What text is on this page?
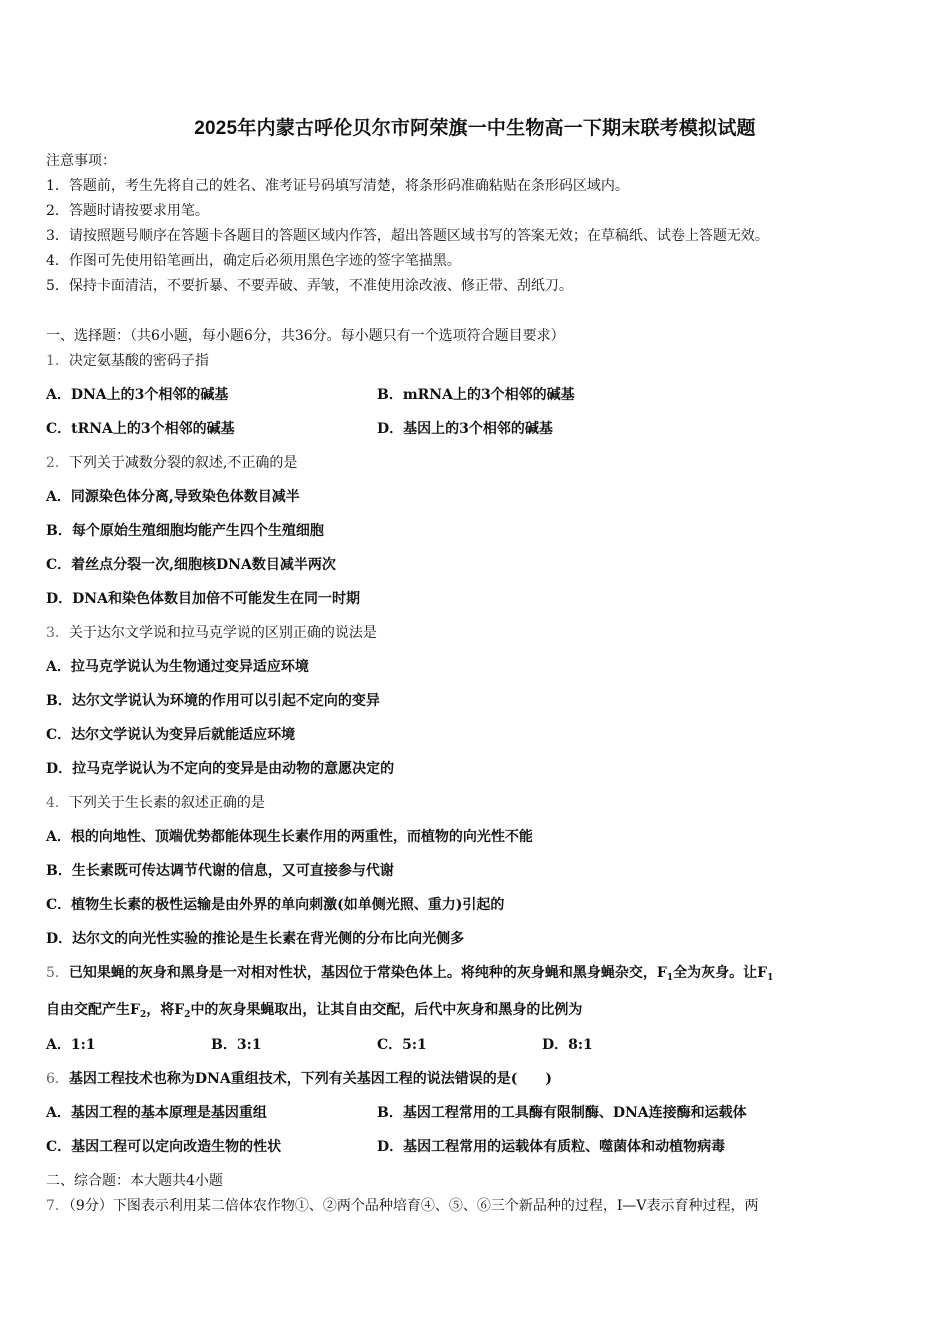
2025年内蒙古呼伦贝尔市阿荣旗一中生物高一下期末联考模拟试题
注意事项：
1．答题前，考生先将自己的姓名、准考证号码填写清楚，将条形码准确粘贴在条形码区域内。
2．答题时请按要求用笔。
3．请按照题号顺序在答题卡各题目的答题区域内作答，超出答题区域书写的答案无效；在草稿纸、试卷上答题无效。
4．作图可先使用铅笔画出，确定后必须用黑色字迹的签字笔描黑。
5．保持卡面清洁，不要折暴、不要弄破、弄皱，不准使用涂改液、修正带、刮纸刀。
一、选择题：（共6小题，每小题6分，共36分。每小题只有一个选项符合题目要求）
1．决定氨基酸的密码子指
A．DNA上的3个相邻的碱基	B．mRNA上的3个相邻的碱基
C．tRNA上的3个相邻的碱基	D．基因上的3个相邻的碱基
2．下列关于减数分裂的叙述,不正确的是
A．同源染色体分离,导致染色体数目减半
B．每个原始生殖细胞均能产生四个生殖细胞
C．着丝点分裂一次,细胞核DNA数目减半两次
D．DNA和染色体数目加倍不可能发生在同一时期
3．关于达尔文学说和拉马克学说的区别正确的说法是
A．拉马克学说认为生物通过变异适应环境
B．达尔文学说认为环境的作用可以引起不定向的变异
C．达尔文学说认为变异后就能适应环境
D．拉马克学说认为不定向的变异是由动物的意愿决定的
4．下列关于生长素的叙述正确的是
A．根的向地性、顶端优势都能体现生长素作用的两重性，而植物的向光性不能
B．生长素既可传达调节代谢的信息，又可直接参与代谢
C．植物生长素的极性运输是由外界的单向刺激(如单侧光照、重力)引起的
D．达尔文的向光性实验的推论是生长素在背光侧的分布比向光侧多
5．已知果蝇的灰身和黑身是一对相对性状，基因位于常染色体上。将纯种的灰身蝇和黑身蝇杂交，$F_1$全为灰身。让$F_1$
自由交配产生$F_2$，将$F_2$中的灰身果蝇取出，让其自由交配，后代中灰身和黑身的比例为
A．1:1	B．3:1	C．5:1	D．8:1
6．基因工程技术也称为DNA重组技术，下列有关基因工程的说法错误的是(　　)
A．基因工程的基本原理是基因重组	B．基因工程常用的工具酶有限制酶、DNA连接酶和运载体
C．基因工程可以定向改造生物的性状	D．基因工程常用的运载体有质粒、噬菌体和动植物病毒
二、综合题：本大题共4小题
7．（9分）下图表示利用某二倍体农作物①、②两个品种培育④、⑤、⑥三个新品种的过程，Ⅰ—Ⅴ表示育种过程，两
